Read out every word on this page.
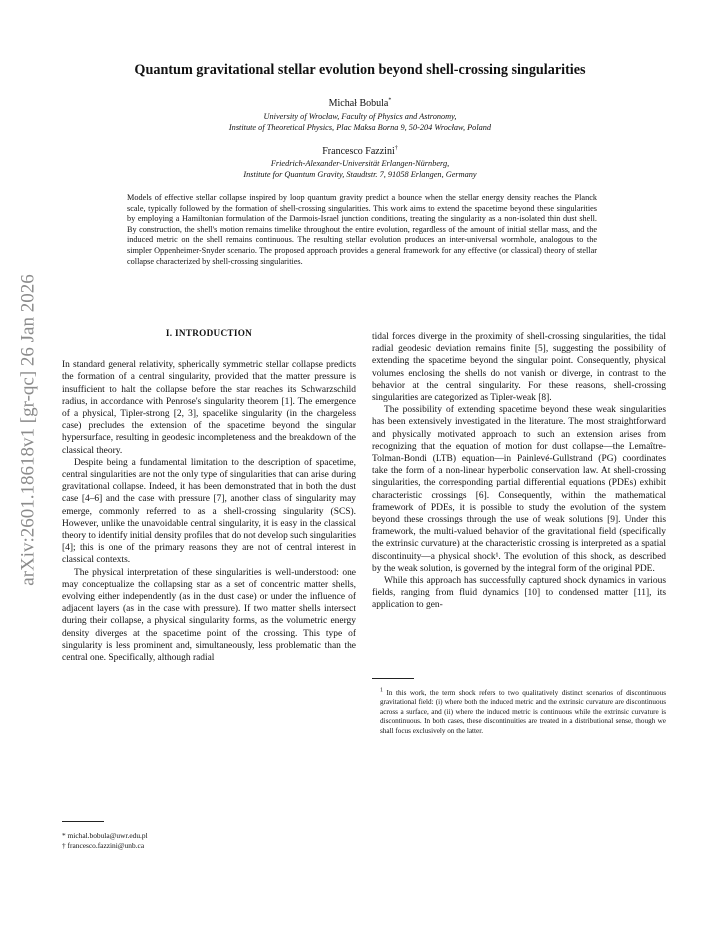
arXiv:2601.18618v1 [gr-qc] 26 Jan 2026
Quantum gravitational stellar evolution beyond shell-crossing singularities
Michał Bobula*
University of Wrocław, Faculty of Physics and Astronomy,
Institute of Theoretical Physics, Plac Maksa Borna 9, 50-204 Wrocław, Poland
Francesco Fazzini†
Friedrich-Alexander-Universität Erlangen-Nürnberg,
Institute for Quantum Gravity, Staudtstr. 7, 91058 Erlangen, Germany
Models of effective stellar collapse inspired by loop quantum gravity predict a bounce when the stellar energy density reaches the Planck scale, typically followed by the formation of shell-crossing singularities. This work aims to extend the spacetime beyond these singularities by employing a Hamiltonian formulation of the Darmois-Israel junction conditions, treating the singularity as a non-isolated thin dust shell. By construction, the shell's motion remains timelike throughout the entire evolution, regardless of the amount of initial stellar mass, and the induced metric on the shell remains continuous. The resulting stellar evolution produces an inter-universal wormhole, analogous to the simpler Oppenheimer-Snyder scenario. The proposed approach provides a general framework for any effective (or classical) theory of stellar collapse characterized by shell-crossing singularities.
I. INTRODUCTION

In standard general relativity, spherically symmetric stellar collapse predicts the formation of a central singularity, provided that the matter pressure is insufficient to halt the collapse before the star reaches its Schwarzschild radius, in accordance with Penrose's singularity theorem [1]. The emergence of a physical, Tipler-strong [2, 3], spacelike singularity (in the chargeless case) precludes the extension of the spacetime beyond the singular hypersurface, resulting in geodesic incompleteness and the breakdown of the classical theory.

Despite being a fundamental limitation to the description of spacetime, central singularities are not the only type of singularities that can arise during gravitational collapse. Indeed, it has been demonstrated that in both the dust case [4–6] and the case with pressure [7], another class of singularity may emerge, commonly referred to as a shell-crossing singularity (SCS). However, unlike the unavoidable central singularity, it is easy in the classical theory to identify initial density profiles that do not develop such singularities [4]; this is one of the primary reasons they are not of central interest in classical contexts.

The physical interpretation of these singularities is well-understood: one may conceptualize the collapsing star as a set of concentric matter shells, evolving either independently (as in the dust case) or under the influence of adjacent layers (as in the case with pressure). If two matter shells intersect during their collapse, a physical singularity forms, as the volumetric energy density diverges at the spacetime point of the crossing. This type of singularity is less prominent and, simultaneously, less problematic than the central one. Specifically, although radial

tidal forces diverge in the proximity of shell-crossing singularities, the tidal radial geodesic deviation remains finite [5], suggesting the possibility of extending the spacetime beyond the singular point. Consequently, physical volumes enclosing the shells do not vanish or diverge, in contrast to the behavior at the central singularity. For these reasons, shell-crossing singularities are categorized as Tipler-weak [8].

The possibility of extending spacetime beyond these weak singularities has been extensively investigated in the literature. The most straightforward and physically motivated approach to such an extension arises from recognizing that the equation of motion for dust collapse—the Lemaître-Tolman-Bondi (LTB) equation—in Painlevé-Gullstrand (PG) coordinates take the form of a non-linear hyperbolic conservation law. At shell-crossing singularities, the corresponding partial differential equations (PDEs) exhibit characteristic crossings [6]. Consequently, within the mathematical framework of PDEs, it is possible to study the evolution of the system beyond these crossings through the use of weak solutions [9]. Under this framework, the multi-valued behavior of the gravitational field (specifically the extrinsic curvature) at the characteristic crossing is interpreted as a spatial discontinuity—a physical shock¹. The evolution of this shock, as described by the weak solution, is governed by the integral form of the original PDE.

While this approach has successfully captured shock dynamics in various fields, ranging from fluid dynamics [10] to condensed matter [11], its application to gen-

* michal.bobula@uwr.edu.pl
† francesco.fazzini@unb.ca
$^1$ In this work, the term shock refers to two qualitatively distinct scenarios of discontinuous gravitational field: (i) where both the induced metric and the extrinsic curvature are discontinuous across a surface, and (ii) where the induced metric is continuous while the extrinsic curvature is discontinuous. In both cases, these discontinuities are treated in a distributional sense, though we shall focus exclusively on the latter.
